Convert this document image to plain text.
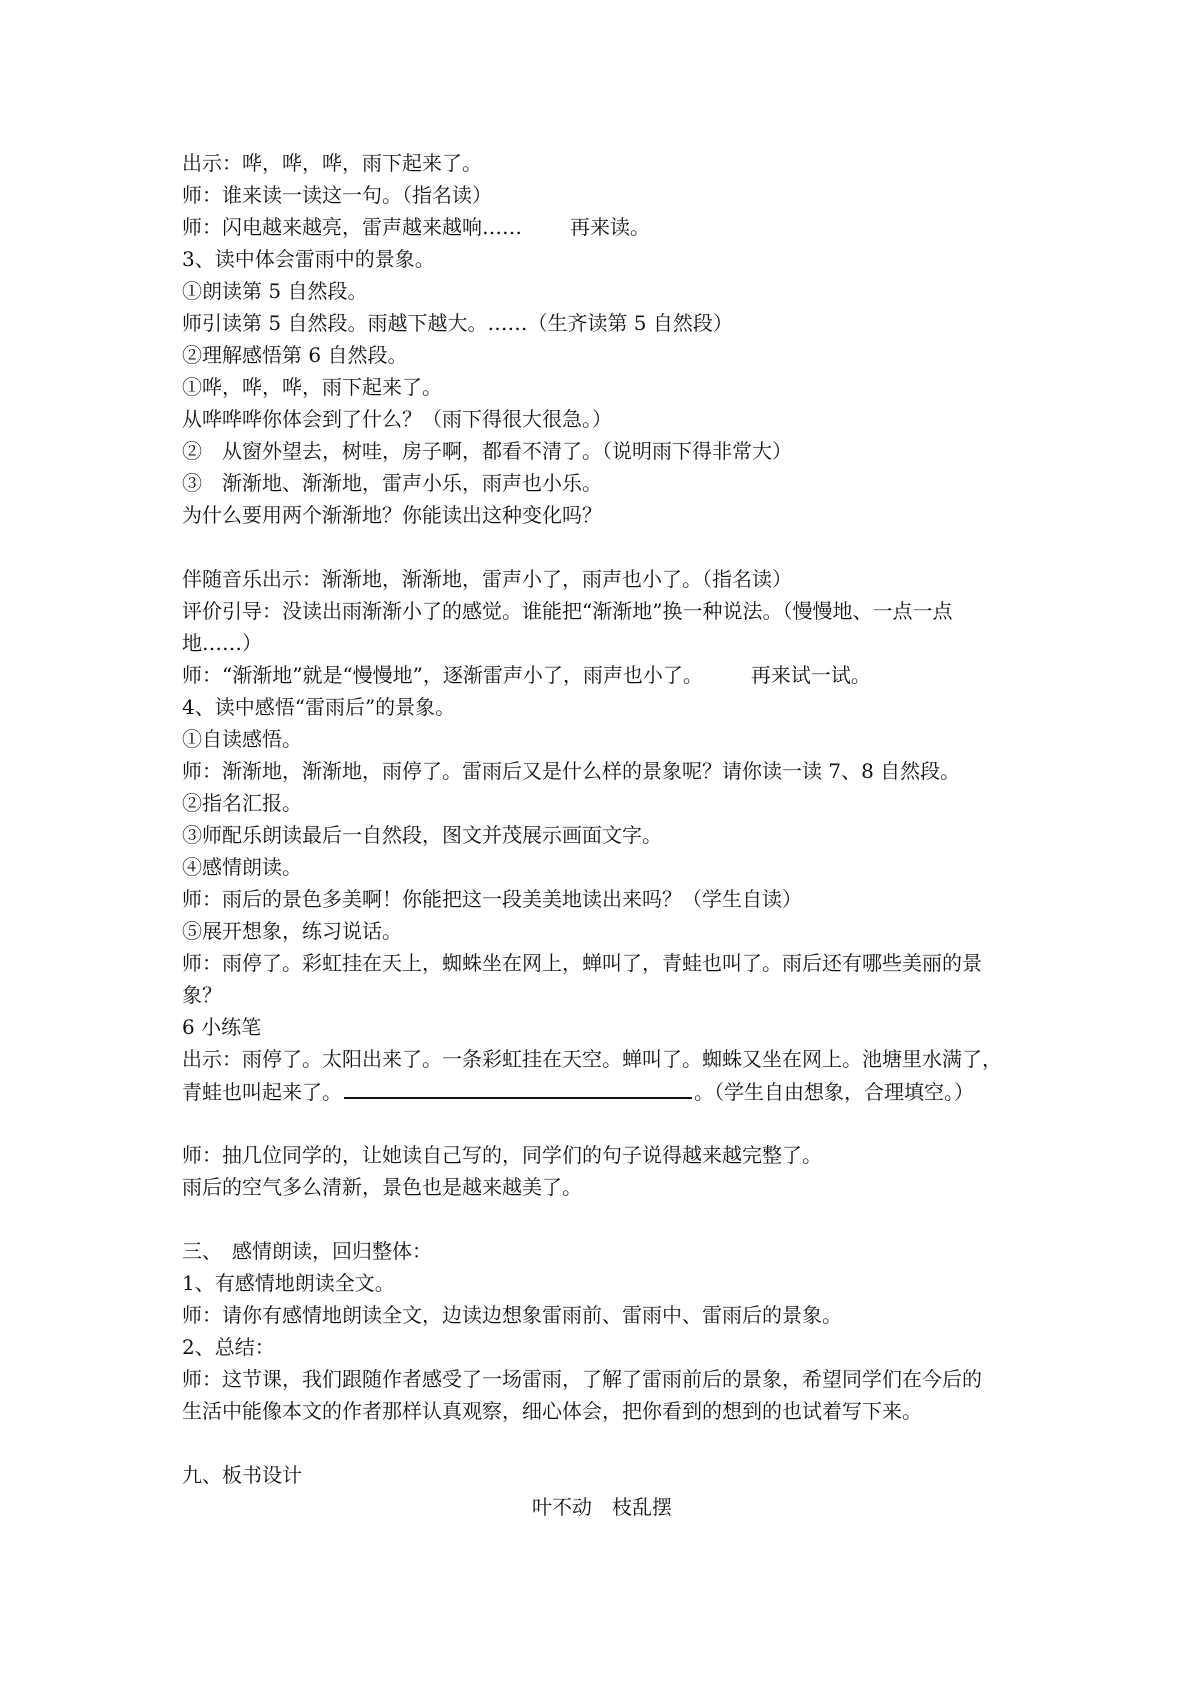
出示：哗，哗，哗，雨下起来了。
师：谁来读一读这一句。（指名读）
师：闪电越来越亮，雷声越来越响…… 再来读。
3、读中体会雷雨中的景象。
①朗读第 5 自然段。
师引读第 5 自然段。雨越下越大。……（生齐读第 5 自然段）
②理解感悟第 6 自然段。
①哗，哗，哗，雨下起来了。
从哗哗哗你体会到了什么？（雨下得很大很急。）
②　从窗外望去，树哇，房子啊，都看不清了。（说明雨下得非常大）
③　渐渐地、渐渐地，雷声小乐，雨声也小乐。
为什么要用两个渐渐地？你能读出这种变化吗？
伴随音乐出示：渐渐地，渐渐地，雷声小了，雨声也小了。（指名读）
评价引导：没读出雨渐渐小了的感觉。谁能把“渐渐地”换一种说法。（慢慢地、一点一点
地……）
师：“渐渐地”就是“慢慢地”，逐渐雷声小了，雨声也小了。 再来试一试。
4、读中感悟“雷雨后”的景象。
①自读感悟。
师：渐渐地，渐渐地，雨停了。雷雨后又是什么样的景象呢？请你读一读 7、8 自然段。
②指名汇报。
③师配乐朗读最后一自然段，图文并茂展示画面文字。
④感情朗读。
师：雨后的景色多美啊！你能把这一段美美地读出来吗？（学生自读）
⑤展开想象，练习说话。
师：雨停了。彩虹挂在天上，蜘蛛坐在网上，蝉叫了，青蛙也叫了。雨后还有哪些美丽的景
象？
6 小练笔
出示：雨停了。太阳出来了。一条彩虹挂在天空。蝉叫了。蜘蛛又坐在网上。池塘里水满了，
青蛙也叫起来了。	。（学生自由想象，合理填空。）
师：抽几位同学的，让她读自己写的，同学们的句子说得越来越完整了。
雨后的空气多么清新，景色也是越来越美了。
三、　感情朗读，回归整体：
1、有感情地朗读全文。
师：请你有感情地朗读全文，边读边想象雷雨前、雷雨中、雷雨后的景象。
2、总结：
师：这节课，我们跟随作者感受了一场雷雨，了解了雷雨前后的景象，希望同学们在今后的
生活中能像本文的作者那样认真观察，细心体会，把你看到的想到的也试着写下来。
九、板书设计
叶不动　枝乱摆
